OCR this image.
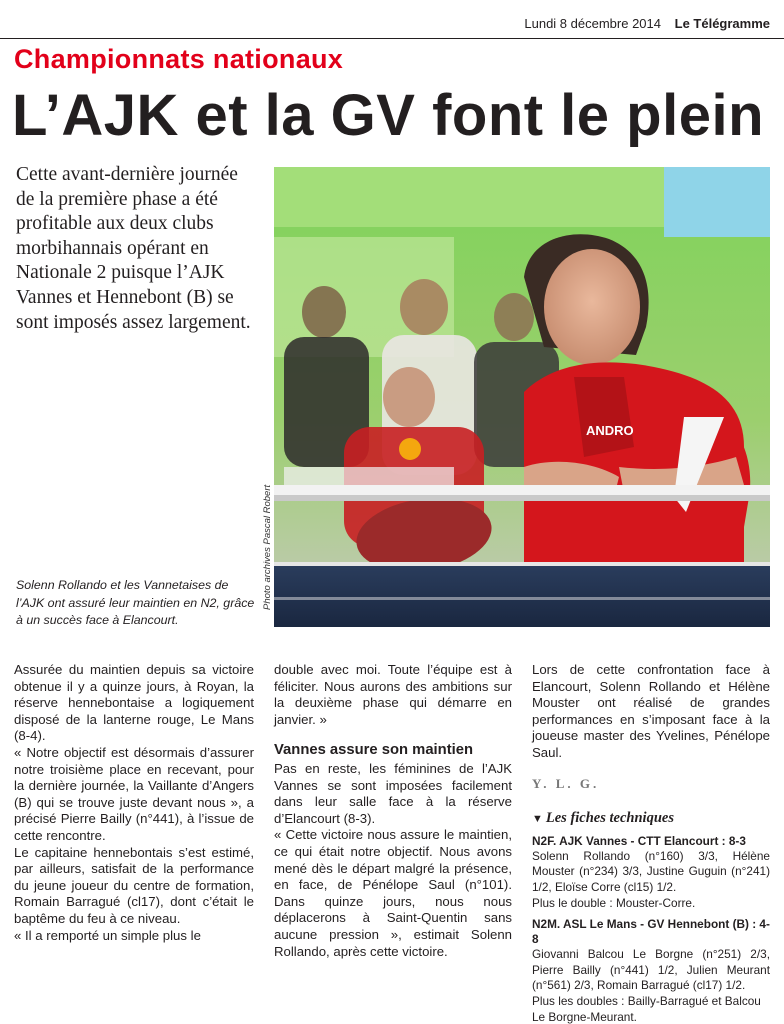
Lundi 8 décembre 2014 Le Télégramme
Championnats nationaux
L’AJK et la GV font le plein

Cette avant-dernière journée de la première phase a été profitable aux deux clubs morbihannais opérant en Nationale 2 puisque l’AJK Vannes et Hennebont (B) se sont imposés assez largement.

ANDRO
Photo archives Pascal Robert

Solenn Rollando et les Vannetaises de l’AJK ont assuré leur maintien en N2, grâce à un succès face à Elancourt.

Assurée du maintien depuis sa victoire obtenue il y a quinze jours, à Royan, la réserve hennebontaise a logiquement disposé de la lanterne rouge, Le Mans (8-4).

« Notre objectif est désormais d’assurer notre troisième place en recevant, pour la dernière journée, la Vaillante d’Angers (B) qui se trouve juste devant nous », a précisé Pierre Bailly (n°441), à l’issue de cette rencontre.

Le capitaine hennebontais s’est estimé, par ailleurs, satisfait de la performance du jeune joueur du centre de formation, Romain Barragué (cl17), dont c’était le baptême du feu à ce niveau.

« Il a remporté un simple plus le

double avec moi. Toute l’équipe est à féliciter. Nous aurons des ambitions sur la deuxième phase qui démarre en janvier. »

Vannes assure son maintien

Pas en reste, les féminines de l’AJK Vannes se sont imposées facilement dans leur salle face à la réserve d’Elancourt (8-3).

« Cette victoire nous assure le maintien, ce qui était notre objectif. Nous avons mené dès le départ malgré la présence, en face, de Pénélope Saul (n°101). Dans quinze jours, nous nous déplacerons à Saint-Quentin sans aucune pression », estimait Solenn Rollando, après cette victoire.

Lors de cette confrontation face à Elancourt, Solenn Rollando et Hélène Mouster ont réalisé de grandes performances en s’imposant face à la joueuse master des Yvelines, Pénélope Saul.

Y. L. G.
▼ Les fiches techniques
N2F. AJK Vannes - CTT Elancourt : 8-3
Solenn Rollando (n°160) 3/3, Hélène Mouster (n°234) 3/3, Justine Guguin (n°241) 1/2, Eloïse Corre (cl15) 1/2.
Plus le double : Mouster-Corre.
N2M. ASL Le Mans - GV Hennebont (B) : 4-8
Giovanni Balcou Le Borgne (n°251) 2/3, Pierre Bailly (n°441) 1/2, Julien Meurant (n°561) 2/3, Romain Barragué (cl17) 1/2.
Plus les doubles : Bailly-Barragué et Balcou Le Borgne-Meurant.
